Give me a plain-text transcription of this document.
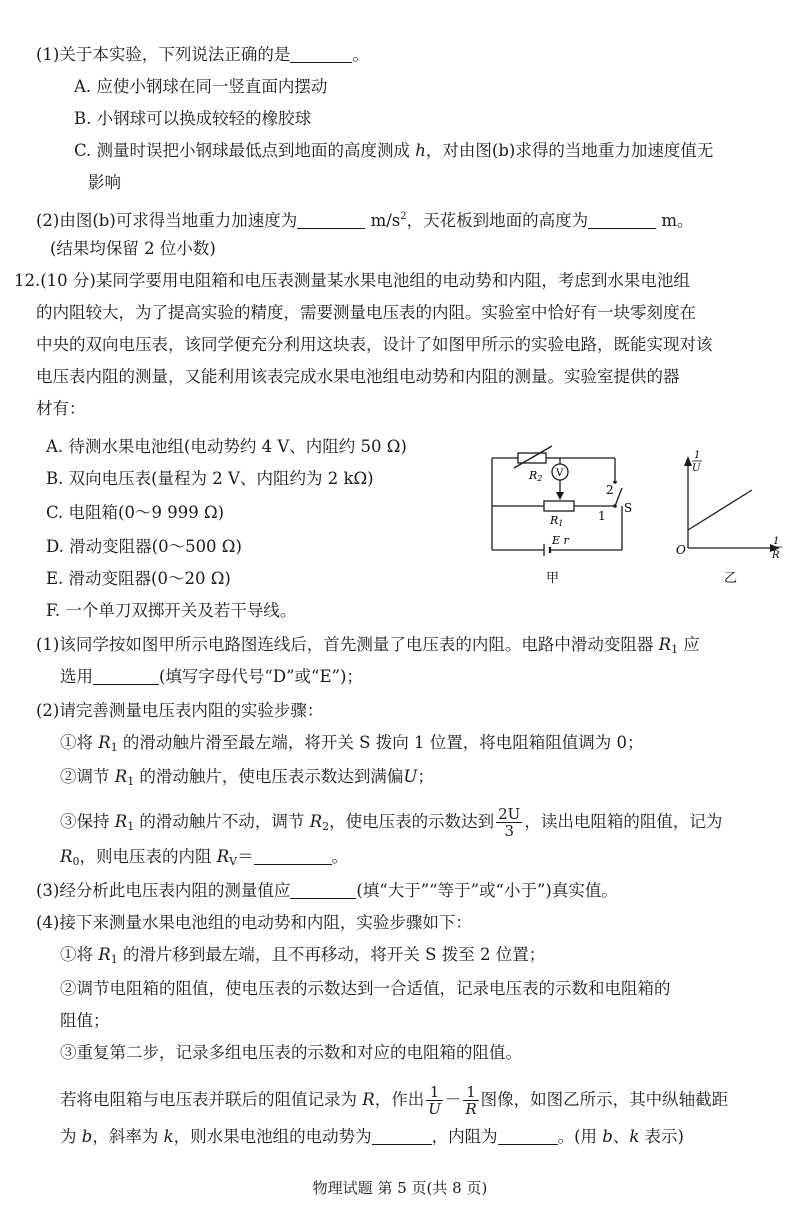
(1)关于本实验，下列说法正确的是	。
A. 应使小钢球在同一竖直面内摆动
B. 小钢球可以换成较轻的橡胶球
C. 测量时误把小钢球最低点到地面的高度测成 h，对由图(b)求得的当地重力加速度值无
影响
(2)由图(b)可求得当地重力加速度为	$m/s^2$，天花板到地面的高度为	m。
(结果均保留 2 位小数)
12.(10 分)某同学要用电阻箱和电压表测量某水果电池组的电动势和内阻，考虑到水果电池组
的内阻较大，为了提高实验的精度，需要测量电压表的内阻。实验室中恰好有一块零刻度在
中央的双向电压表，该同学便充分利用这块表，设计了如图甲所示的实验电路，既能实现对该
电压表内阻的测量，又能利用该表完成水果电池组电动势和内阻的测量。实验室提供的器
材有：
A. 待测水果电池组(电动势约 4 V、内阻约 50 Ω)
B. 双向电压表(量程为 2 V、内阻约为 2 kΩ)
C. 电阻箱(0～9 999 Ω)
D. 滑动变阻器(0～500 Ω)
E. 滑动变阻器(0～20 Ω)
F. 一个单刀双掷开关及若干导线。
R2 V
R1
2
1
S
E r
甲
1
U
1
R
O
乙
(1)该同学按如图甲所示电路图连线后，首先测量了电压表的内阻。电路中滑动变阻器 $R_1$ 应
选用	(填写字母代号“D”或“E”)；
(2)请完善测量电压表内阻的实验步骤：
①将 $R_1$ 的滑动触片滑至最左端，将开关 S 拨向 1 位置，将电阻箱阻值调为 0；
②调节 $R_1$ 的滑动触片，使电压表示数达到满偏U；
③保持 $R_1$ 的滑动触片不动，调节 $R_2$，使电压表的示数达到 $\frac{2U}{3}$ ，读出电阻箱的阻值，记为
$R_0$，则电压表的内阻 $R_V=$	。
(3)经分析此电压表内阻的测量值应	(填“大于”“等于”或“小于”)真实值。
(4)接下来测量水果电池组的电动势和内阻，实验步骤如下：
①将 $R_1$ 的滑片移到最左端，且不再移动，将开关 S 拨至 2 位置；
②调节电阻箱的阻值，使电压表的示数达到一合适值，记录电压表的示数和电阻箱的
阻值；
③重复第二步，记录多组电压表的示数和对应的电阻箱的阻值。
若将电阻箱与电压表并联后的阻值记录为 R，作出 $\frac{1}{U} - \frac{1}{R}$ 图像，如图乙所示，其中纵轴截距
为 b，斜率为 k，则水果电池组的电动势为	，内阻为	。(用 b、k 表示)
物理试题 第 5 页(共 8 页)
